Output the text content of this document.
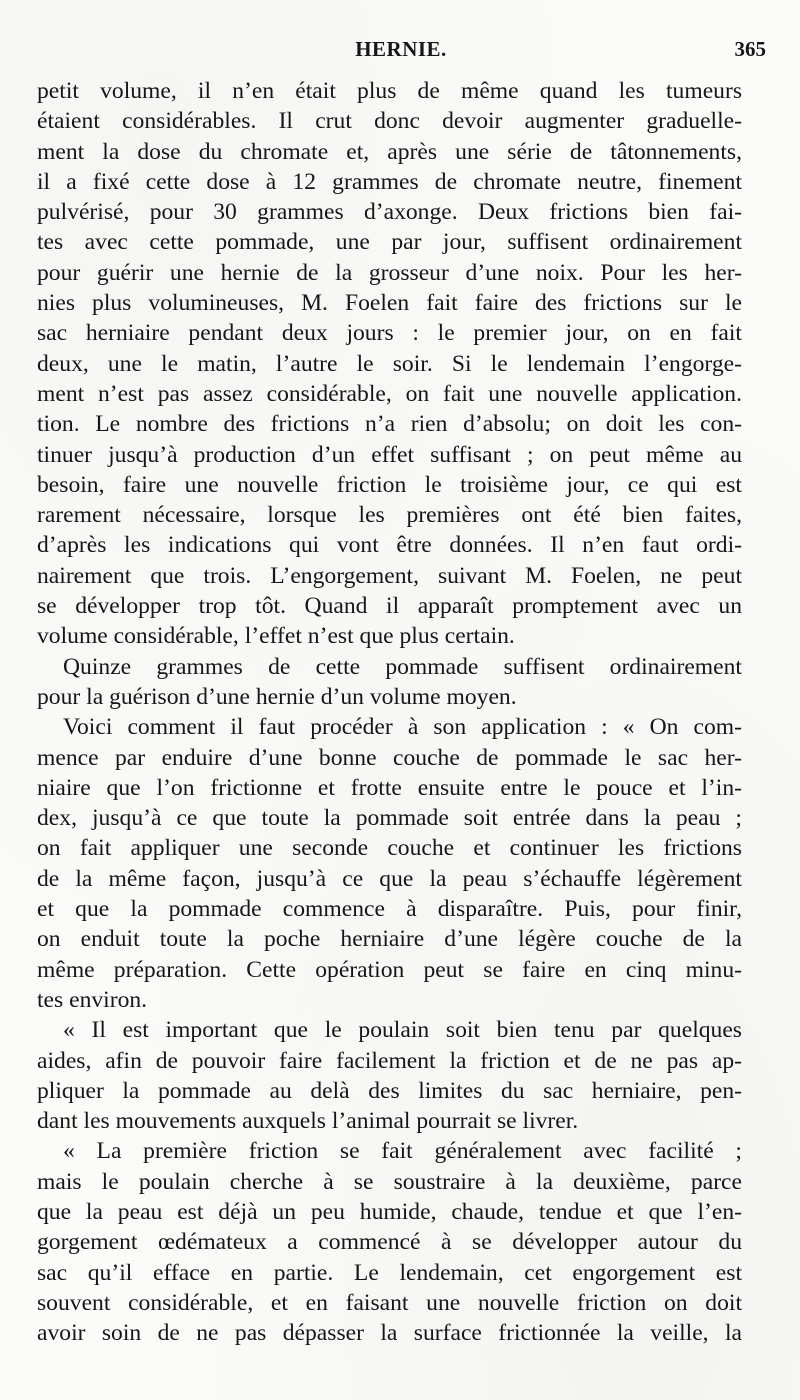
HERNIE.	365
petit volume, il n’en était plus de même quand les tumeurs
étaient considérables. Il crut donc devoir augmenter graduelle-
ment la dose du chromate et, après une série de tâtonnements,
il a fixé cette dose à 12 grammes de chromate neutre, finement
pulvérisé, pour 30 grammes d’axonge. Deux frictions bien fai-
tes avec cette pommade, une par jour, suffisent ordinairement
pour guérir une hernie de la grosseur d’une noix. Pour les her-
nies plus volumineuses, M. Foelen fait faire des frictions sur le
sac herniaire pendant deux jours : le premier jour, on en fait
deux, une le matin, l’autre le soir. Si le lendemain l’engorge-
ment n’est pas assez considérable, on fait une nouvelle application.
tion. Le nombre des frictions n’a rien d’absolu; on doit les con-
tinuer jusqu’à production d’un effet suffisant ; on peut même au
besoin, faire une nouvelle friction le troisième jour, ce qui est
rarement nécessaire, lorsque les premières ont été bien faites,
d’après les indications qui vont être données. Il n’en faut ordi-
nairement que trois. L’engorgement, suivant M. Foelen, ne peut
se développer trop tôt. Quand il apparaît promptement avec un
volume considérable, l’effet n’est que plus certain.
Quinze grammes de cette pommade suffisent ordinairement
pour la guérison d’une hernie d’un volume moyen.
Voici comment il faut procéder à son application : « On com-
mence par enduire d’une bonne couche de pommade le sac her-
niaire que l’on frictionne et frotte ensuite entre le pouce et l’in-
dex, jusqu’à ce que toute la pommade soit entrée dans la peau ;
on fait appliquer une seconde couche et continuer les frictions
de la même façon, jusqu’à ce que la peau s’échauffe légèrement
et que la pommade commence à disparaître. Puis, pour finir,
on enduit toute la poche herniaire d’une légère couche de la
même préparation. Cette opération peut se faire en cinq minu-
tes environ.
« Il est important que le poulain soit bien tenu par quelques
aides, afin de pouvoir faire facilement la friction et de ne pas ap-
pliquer la pommade au delà des limites du sac herniaire, pen-
dant les mouvements auxquels l’animal pourrait se livrer.
« La première friction se fait généralement avec facilité ;
mais le poulain cherche à se soustraire à la deuxième, parce
que la peau est déjà un peu humide, chaude, tendue et que l’en-
gorgement œdémateux a commencé à se développer autour du
sac qu’il efface en partie. Le lendemain, cet engorgement est
souvent considérable, et en faisant une nouvelle friction on doit
avoir soin de ne pas dépasser la surface frictionnée la veille, la
